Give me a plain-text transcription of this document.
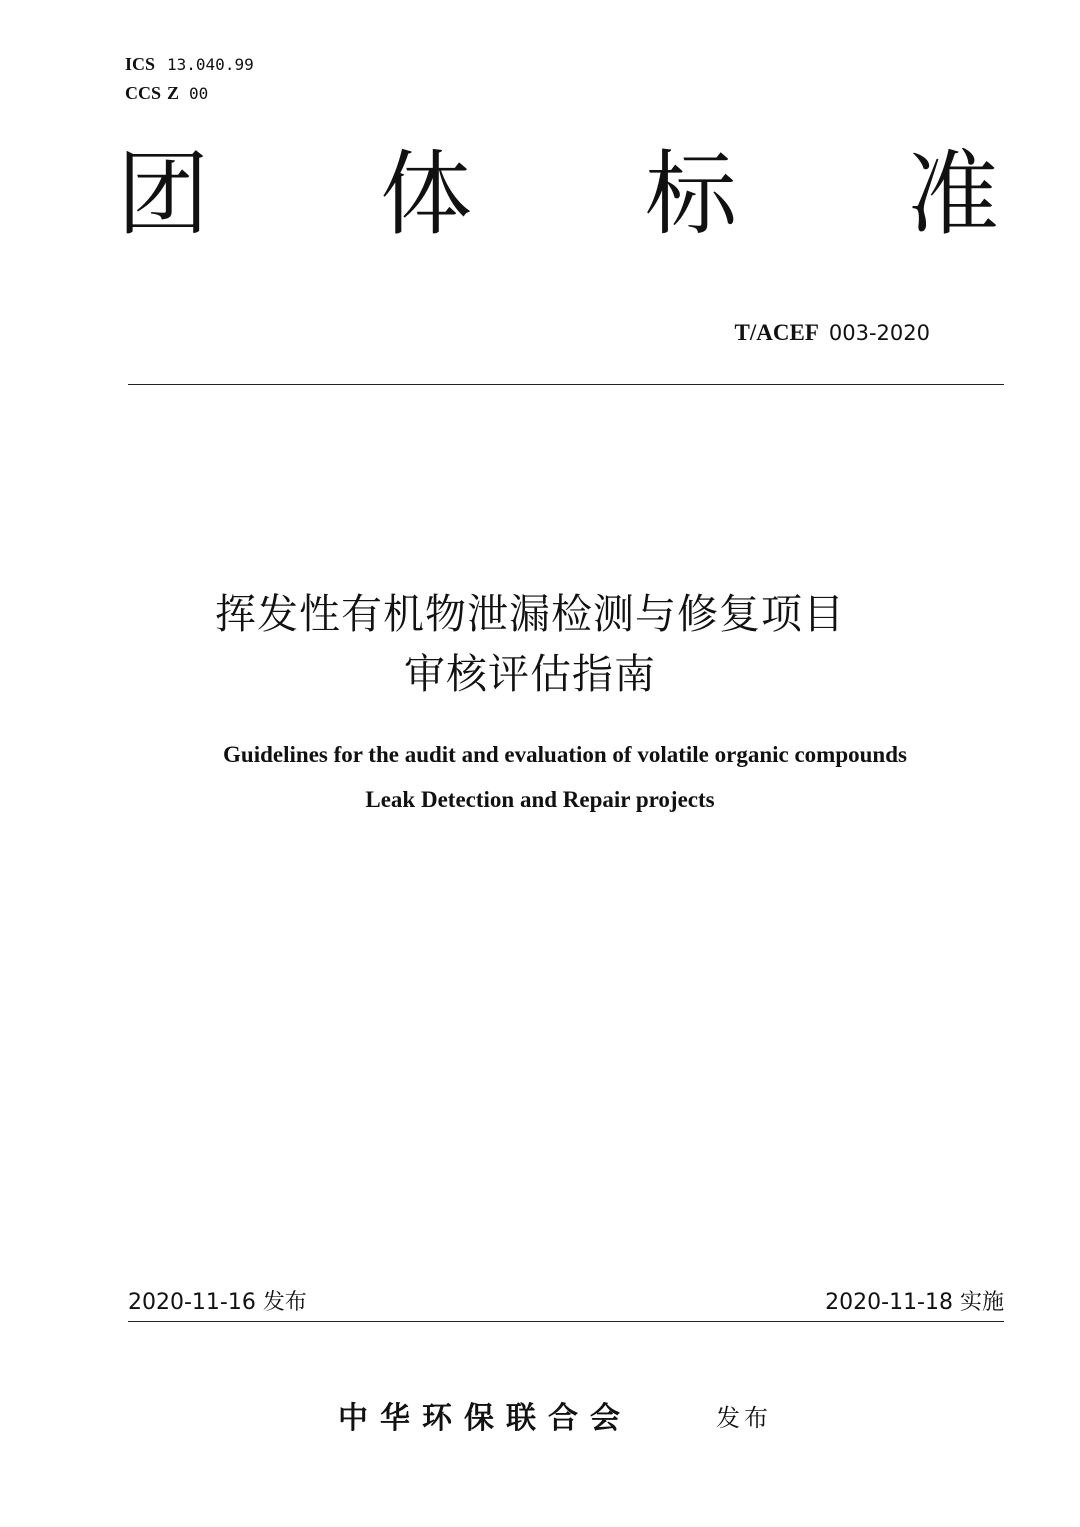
ICS 13.040.99
CCS Z 00
团 体 标 准
T/ACEF 003-2020
挥发性有机物泄漏检测与修复项目
审核评估指南
Guidelines for the audit and evaluation of volatile organic compounds
Leak Detection and Repair projects
2020-11-16 发布	2020-11-18 实施
中华环保联合会	发布
